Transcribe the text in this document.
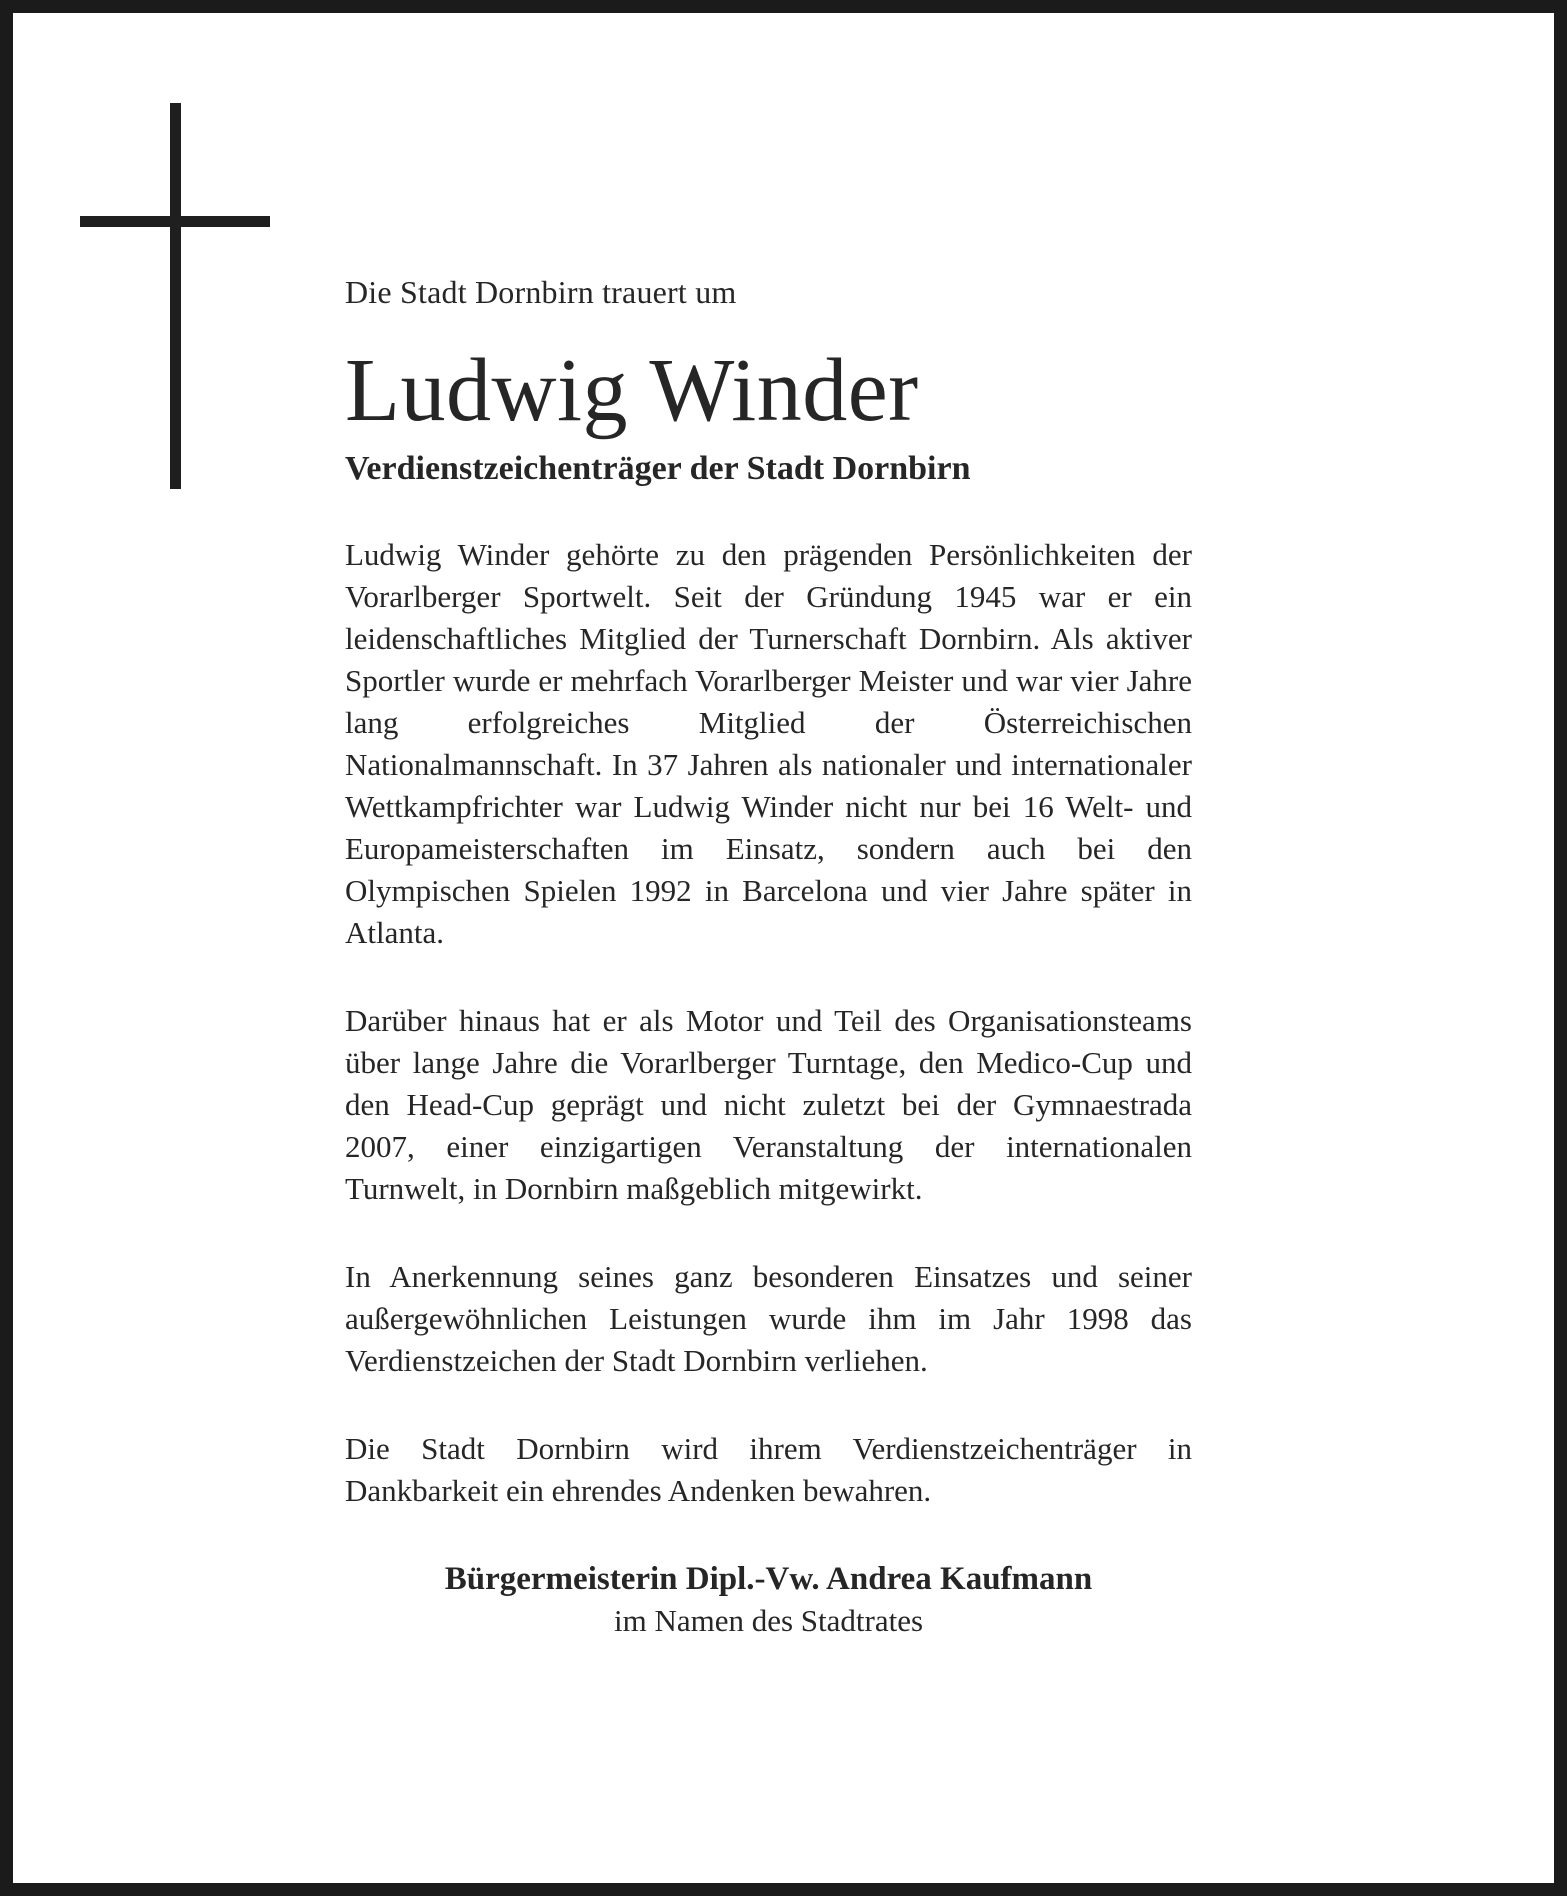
Die Stadt Dornbirn trauert um
Ludwig Winder
Verdienstzeichenträger der Stadt Dornbirn

Ludwig Winder gehörte zu den prägenden Persönlichkeiten der Vorarlberger Sportwelt. Seit der Gründung 1945 war er ein leidenschaftliches Mitglied der Turnerschaft Dornbirn. Als aktiver Sportler wurde er mehrfach Vorarlberger Meister und war vier Jahre lang erfolgreiches Mitglied der Österreichischen Nationalmannschaft. In 37 Jahren als nationaler und internationaler Wettkampfrichter war Ludwig Winder nicht nur bei 16 Welt- und Europameisterschaften im Einsatz, sondern auch bei den Olympischen Spielen 1992 in Barcelona und vier Jahre später in Atlanta.

Darüber hinaus hat er als Motor und Teil des Organisationsteams über lange Jahre die Vorarlberger Turntage, den Medico-Cup und den Head-Cup geprägt und nicht zuletzt bei der Gymnaestrada 2007, einer einzigartigen Veranstaltung der internationalen Turnwelt, in Dornbirn maßgeblich mitgewirkt.

In Anerkennung seines ganz besonderen Einsatzes und seiner außergewöhnlichen Leistungen wurde ihm im Jahr 1998 das Verdienstzeichen der Stadt Dornbirn verliehen.

Die Stadt Dornbirn wird ihrem Verdienstzeichenträger in Dankbarkeit ein ehrendes Andenken bewahren.

Bürgermeisterin Dipl.-Vw. Andrea Kaufmann
im Namen des Stadtrates
